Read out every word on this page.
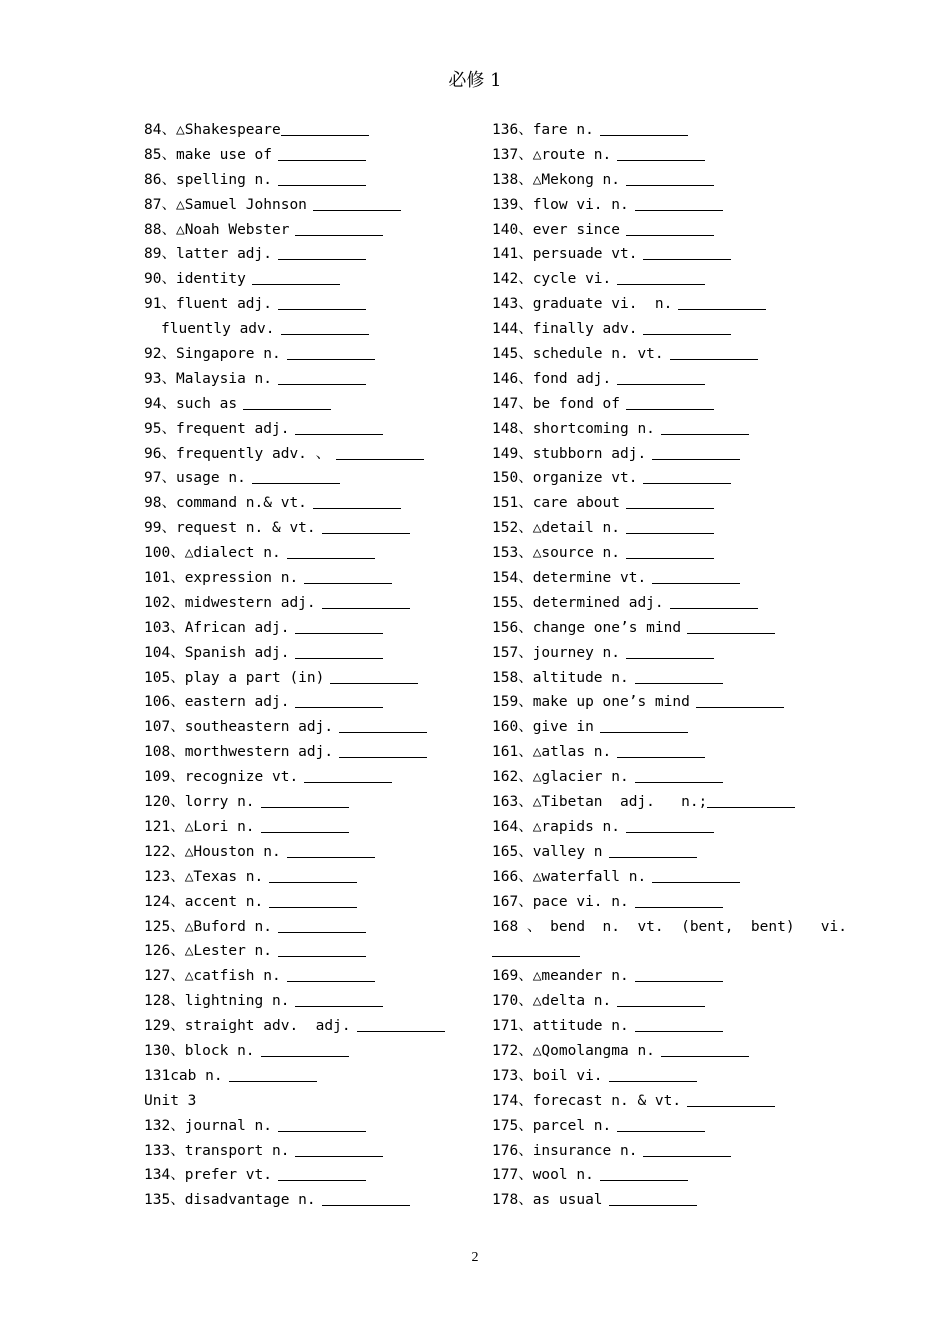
必修 1
84、△Shakespeare
85、make use of
86、spelling n.
87、△Samuel Johnson
88、△Noah Webster
89、latter adj.
90、identity
91、fluent adj.
fluently adv.
92、Singapore n.
93、Malaysia n.
94、such as
95、frequent adj.
96、frequently adv. 、
97、usage n.
98、command n.& vt.
99、request n. & vt.
100、△dialect n.
101、expression n.
102、midwestern adj.
103、African adj.
104、Spanish adj.
105、play a part (in)
106、eastern adj.
107、southeastern adj.
108、morthwestern adj.
109、recognize vt.
120、lorry n.
121、△Lori n.
122、△Houston n.
123、△Texas n.
124、accent n.
125、△Buford n.
126、△Lester n.
127、△catfish n.
128、lightning n.
129、straight adv.  adj.
130、block n.
131cab n.
Unit 3
132、journal n.
133、transport n.
134、prefer vt.
135、disadvantage n.
136、fare n.
137、△route n.
138、△Mekong n.
139、flow vi. n.
140、ever since
141、persuade vt.
142、cycle vi.
143、graduate vi.  n.
144、finally adv.
145、schedule n. vt.
146、fond adj.
147、be fond of
148、shortcoming n.
149、stubborn adj.
150、organize vt.
151、care about
152、△detail n.
153、△source n.
154、determine vt.
155、determined adj.
156、change one’s mind
157、journey n.
158、altitude n.
159、make up one’s mind
160、give in
161、△atlas n.
162、△glacier n.
163、△Tibetan  adj.   n.;
164、△rapids n.
165、valley n
166、△waterfall n.
167、pace vi. n.
168 、 bend  n.  vt.  (bent,  bent)   vi.
169、△meander n.
170、△delta n.
171、attitude n.
172、△Qomolangma n.
173、boil vi.
174、forecast n. & vt.
175、parcel n.
176、insurance n.
177、wool n.
178、as usual
2
